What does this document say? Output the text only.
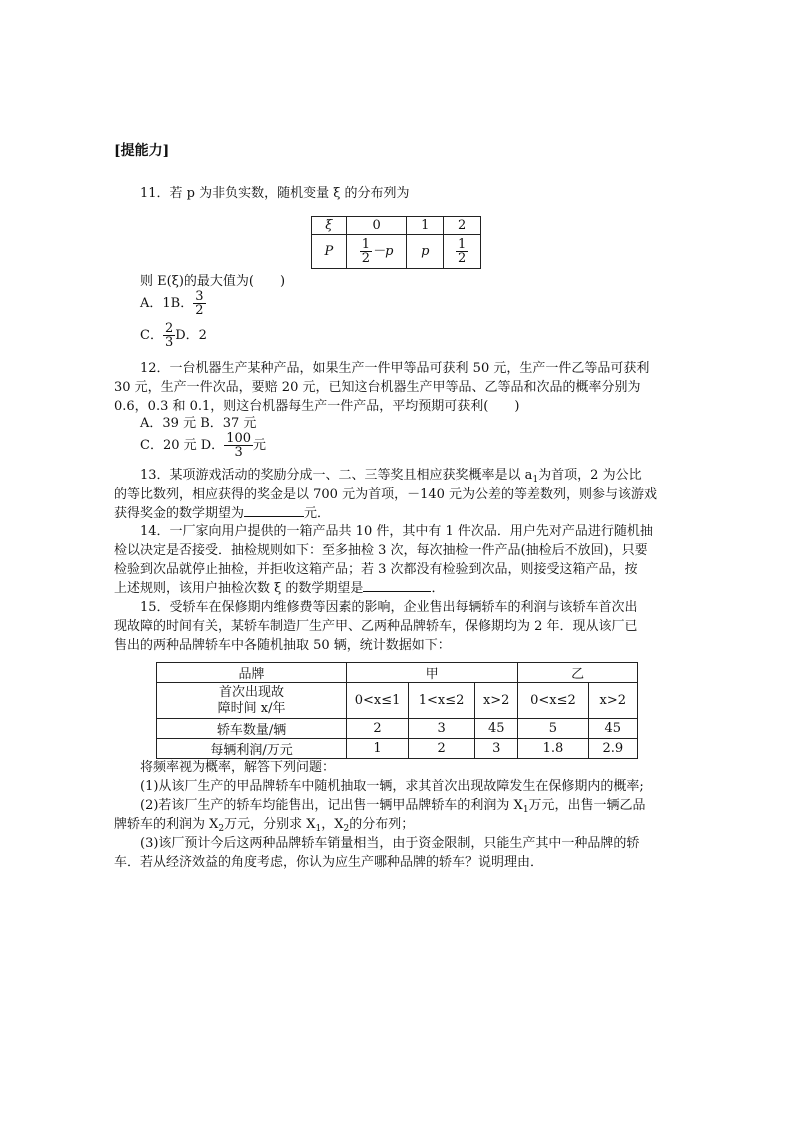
[提能力]
11．若 p 为非负实数，随机变量 ξ 的分布列为
ξ	0	1	2
P	$\frac{1}{2} -p$	p	$\frac{1}{2}$
则 E(ξ)的最大值为(　　)
A．1B． $\frac{3}{2}$
C． $\frac{2}{3}$ D．2
12．一台机器生产某种产品，如果生产一件甲等品可获利 50 元，生产一件乙等品可获利
30 元，生产一件次品，要赔 20 元，已知这台机器生产甲等品、乙等品和次品的概率分别为
0.6，0.3 和 0.1，则这台机器每生产一件产品，平均预期可获利(　　)
A．39 元 B．37 元
C．20 元 D． $\frac{100}{3}$ 元
13．某项游戏活动的奖励分成一、二、三等奖且相应获奖概率是以 $a_1$为首项，2 为公比
的等比数列，相应获得的奖金是以 700 元为首项，－140 元为公差的等差数列，则参与该游戏
获得奖金的数学期望为	元．
14．一厂家向用户提供的一箱产品共 10 件，其中有 1 件次品．用户先对产品进行随机抽
检以决定是否接受．抽检规则如下：至多抽检 3 次，每次抽检一件产品(抽检后不放回)，只要
检验到次品就停止抽检，并拒收这箱产品；若 3 次都没有检验到次品，则接受这箱产品，按
上述规则，该用户抽检次数 ξ 的数学期望是	．
15．受轿车在保修期内维修费等因素的影响，企业售出每辆轿车的利润与该轿车首次出
现故障的时间有关，某轿车制造厂生产甲、乙两种品牌轿车，保修期均为 2 年．现从该厂已
售出的两种品牌轿车中各随机抽取 50 辆，统计数据如下：
品牌	甲			乙	

首次出现故
障时间 x/年	0<x≤1	1<x≤2	x>2	0<x≤2	x>2
轿车数量/辆	2	3	45	5	45
每辆利润/万元	1	2	3	1.8	2.9
将频率视为概率，解答下列问题：
(1)从该厂生产的甲品牌轿车中随机抽取一辆，求其首次出现故障发生在保修期内的概率;
(2)若该厂生产的轿车均能售出，记出售一辆甲品牌轿车的利润为 $X_1$万元，出售一辆乙品
牌轿车的利润为 $X_2$万元，分别求 $X_1$，$X_2$的分布列；
(3)该厂预计今后这两种品牌轿车销量相当，由于资金限制，只能生产其中一种品牌的轿
车．若从经济效益的角度考虑，你认为应生产哪种品牌的轿车？说明理由．
